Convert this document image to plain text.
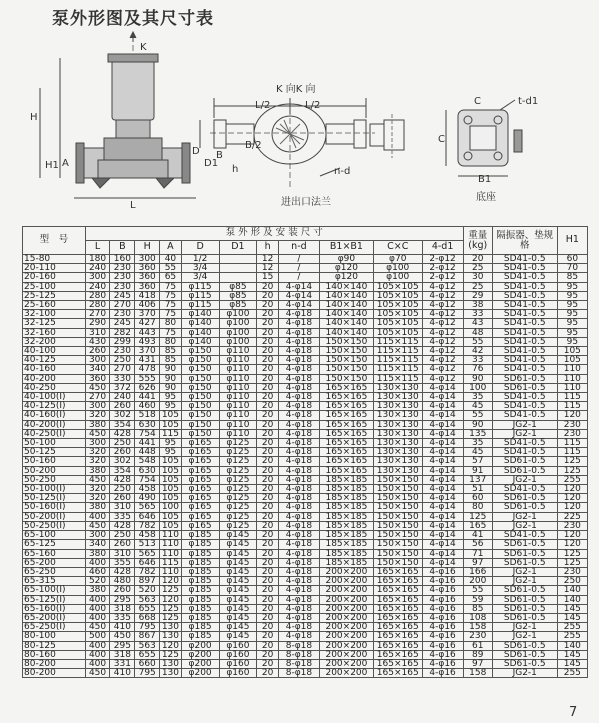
泵外形图及其尺寸表
K
K 向K 向
进出口法兰	底座
H
H1 A
L
L/2	L/2
D
D1
B
h
B/2
n-d
C	t-d1
C
B1
型　号	泵 外 形 及 安 装 尺 寸											重量(kg)	隔振器、垫规　格	H1
	L	B	H	A	D	D1	h	n-d	B1×B1	C×C	4-d1			
15-80	180	160	300	40	1/2		12	/	φ90	φ70	2-φ12	20	SD41-0.5	60
20-110	240	230	360	55	3/4		12	/	φ120	φ100	2-φ12	25	SD41-0.5	70
20-160	300	230	360	65	3/4		15	/	φ120	φ100	2-φ12	30	SD41-0.5	85
25-100	240	230	360	75	φ115	φ85	20	4-φ14	140×140	105×105	4-φ12	25	SD41-0.5	95
25-125	280	245	418	75	φ115	φ85	20	4-φ14	140×140	105×105	4-φ12	29	SD41-0.5	95
25-160	280	270	406	75	φ115	φ85	20	4-φ14	140×140	105×105	4-φ12	38	SD41-0.5	95
32-100	270	230	370	75	φ140	φ100	20	4-φ18	140×140	105×105	4-φ12	33	SD41-0.5	95
32-125	290	245	427	80	φ140	φ100	20	4-φ18	140×140	105×105	4-φ12	43	SD41-0.5	95
32-160	310	282	443	75	φ140	φ100	20	4-φ18	140×140	105×105	4-φ12	48	SD41-0.5	95
32-200	430	299	493	80	φ140	φ100	20	4-φ18	150×150	115×115	4-φ12	55	SD41-0.5	95
40-100	260	230	370	85	φ150	φ110	20	4-φ18	150×150	115×115	4-φ12	42	SD41-0.5	105
40-125	300	250	431	85	φ150	φ110	20	4-φ18	150×150	115×115	4-φ12	33	SD41-0.5	105
40-160	340	270	478	90	φ150	φ110	20	4-φ18	150×150	115×115	4-φ12	76	SD41-0.5	110
40-200	360	330	555	90	φ150	φ110	20	4-φ18	150×150	115×115	4-φ12	90	SD61-0.5	110
40-250	450	372	626	90	φ150	φ110	20	4-φ18	165×165	130×130	4-φ14	100	SD61-0.5	110
40-100(I)	270	240	441	95	φ150	φ110	20	4-φ18	165×165	130×130	4-φ14	35	SD41-0.5	115
40-125(I)	300	260	460	95	φ150	φ110	20	4-φ18	165×165	130×130	4-φ14	45	SD41-0.5	115
40-160(I)	320	302	518	105	φ150	φ110	20	4-φ18	165×165	130×130	4-φ14	55	SD41-0.5	120
40-200(I)	380	354	630	105	φ150	φ110	20	4-φ18	165×165	130×130	4-φ14	90	JG2-1	230
40-250(I)	450	428	754	115	φ150	φ110	20	4-φ18	165×165	130×130	4-φ14	135	JG2-1	230
50-100	300	250	441	95	φ165	φ125	20	4-φ18	165×165	130×130	4-φ14	35	SD41-0.5	115
50-125	320	260	448	95	φ165	φ125	20	4-φ18	165×165	130×130	4-φ14	45	SD41-0.5	115
50-160	320	302	548	105	φ165	φ125	20	4-φ18	165×165	130×130	4-φ14	57	SD61-0.5	125
50-200	380	354	630	105	φ165	φ125	20	4-φ18	165×165	130×130	4-φ14	91	SD61-0.5	125
50-250	450	428	754	105	φ165	φ125	20	4-φ18	185×185	150×150	4-φ14	137	JG2-1	255
50-100(I)	320	250	458	105	φ165	φ125	20	4-φ18	185×185	150×150	4-φ14	51	SD41-0.5	120
50-125(I)	320	260	490	105	φ165	φ125	20	4-φ18	185×185	150×150	4-φ14	60	SD61-0.5	120
50-160(I)	380	310	565	100	φ165	φ125	20	4-φ18	185×185	150×150	4-φ14	80	SD61-0.5	120
50-200(I)	400	335	646	105	φ165	φ125	20	4-φ18	185×185	150×150	4-φ14	125	JG2-1	225
50-250(I)	450	428	782	105	φ165	φ125	20	4-φ18	185×185	150×150	4-φ14	165	JG2-1	230
65-100	300	250	458	110	φ185	φ145	20	4-φ18	185×185	150×150	4-φ14	41	SD41-0.5	120
65-125	340	260	513	110	φ185	φ145	20	4-φ18	185×185	150×150	4-φ14	56	SD61-0.5	120
65-160	380	310	565	110	φ185	φ145	20	4-φ18	185×185	150×150	4-φ14	71	SD61-0.5	125
65-200	400	355	646	115	φ185	φ145	20	4-φ18	185×185	150×150	4-φ14	97	SD61-0.5	125
65-250	460	428	782	110	φ185	φ145	20	4-φ18	200×200	165×165	4-φ16	166	JG2-1	230
65-315	520	480	897	120	φ185	φ145	20	4-φ18	200×200	165×165	4-φ16	200	JG2-1	250
65-100(I)	380	260	520	125	φ185	φ145	20	4-φ18	200×200	165×165	4-φ16	55	SD61-0.5	140
65-125(I)	400	295	563	120	φ185	φ145	20	4-φ18	200×200	165×165	4-φ16	59	SD61-0.5	140
65-160(I)	400	318	655	125	φ185	φ145	20	4-φ18	200×200	165×165	4-φ16	85	SD61-0.5	145
65-200(I)	400	335	668	125	φ185	φ145	20	4-φ18	200×200	165×165	4-φ16	108	SD61-0.5	145
65-250(I)	450	410	795	130	φ185	φ145	20	4-φ18	200×200	165×165	4-φ16	158	JG2-1	255
80-100	500	450	867	130	φ185	φ145	20	4-φ18	200×200	165×165	4-φ16	230	JG2-1	255
80-125	400	295	563	120	φ200	φ160	20	8-φ18	200×200	165×165	4-φ16	61	SD61-0.5	140
80-160	400	318	655	125	φ200	φ160	20	8-φ18	200×200	165×165	4-φ16	89	SD61-0.5	145
80-200	400	331	660	130	φ200	φ160	20	8-φ18	200×200	165×165	4-φ16	97	SD61-0.5	145
80-200	450	410	795	130	φ200	φ160	20	8-φ18	200×200	165×165	4-φ16	158	JG2-1	255
7
